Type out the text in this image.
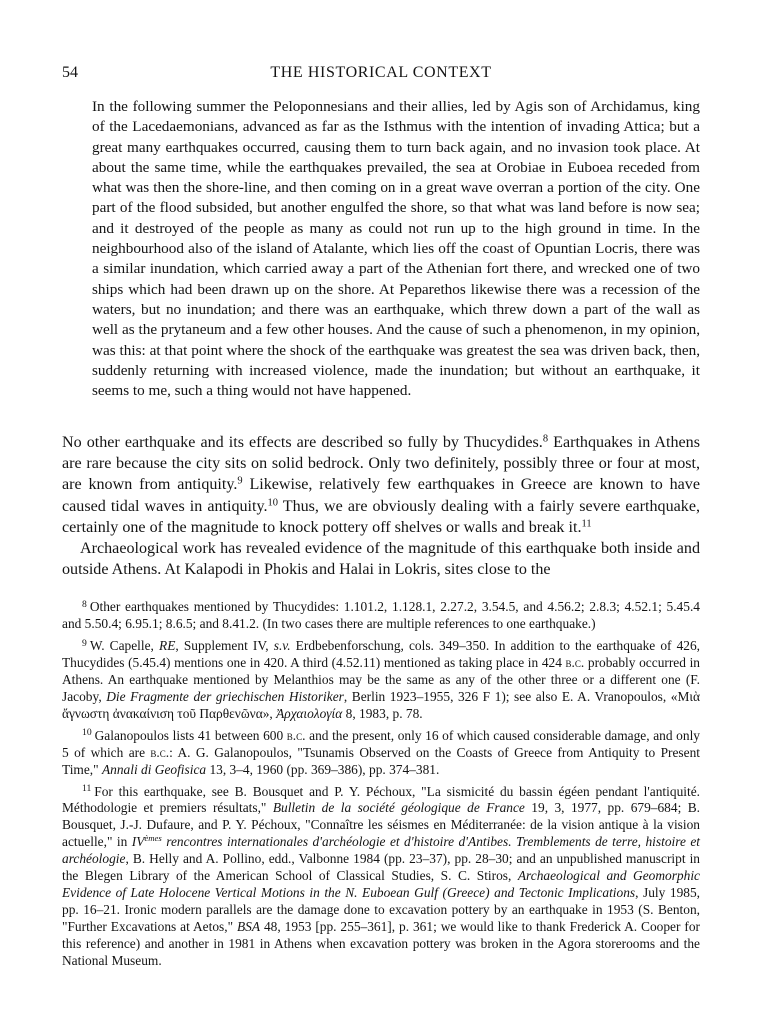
54	THE HISTORICAL CONTEXT

In the following summer the Peloponnesians and their allies, led by Agis son of Archidamus, king of the Lacedaemonians, advanced as far as the Isthmus with the intention of invading Attica; but a great many earthquakes occurred, causing them to turn back again, and no invasion took place. At about the same time, while the earthquakes prevailed, the sea at Orobiae in Euboea receded from what was then the shore-line, and then coming on in a great wave overran a portion of the city. One part of the flood subsided, but another engulfed the shore, so that what was land before is now sea; and it destroyed of the people as many as could not run up to the high ground in time. In the neighbourhood also of the island of Atalante, which lies off the coast of Opuntian Locris, there was a similar inundation, which carried away a part of the Athenian fort there, and wrecked one of two ships which had been drawn up on the shore. At Peparethos likewise there was a recession of the waters, but no inundation; and there was an earthquake, which threw down a part of the wall as well as the prytaneum and a few other houses. And the cause of such a phenomenon, in my opinion, was this: at that point where the shock of the earthquake was greatest the sea was driven back, then, suddenly returning with increased violence, made the inundation; but without an earthquake, it seems to me, such a thing would not have happened.

No other earthquake and its effects are described so fully by Thucydides.$^8$ Earthquakes in Athens are rare because the city sits on solid bedrock. Only two definitely, possibly three or four at most, are known from antiquity.$^9$ Likewise, relatively few earthquakes in Greece are known to have caused tidal waves in antiquity.$^{10}$ Thus, we are obviously dealing with a fairly severe earthquake, certainly one of the magnitude to knock pottery off shelves or walls and break it.$^{11}$

Archaeological work has revealed evidence of the magnitude of this earthquake both inside and outside Athens. At Kalapodi in Phokis and Halai in Lokris, sites close to the

$^8$ Other earthquakes mentioned by Thucydides: 1.101.2, 1.128.1, 2.27.2, 3.54.5, and 4.56.2; 2.8.3; 4.52.1; 5.45.4 and 5.50.4; 6.95.1; 8.6.5; and 8.41.2. (In two cases there are multiple references to one earthquake.)

$^9$ W. Capelle, RE, Supplement IV, s.v. Erdbebenforschung, cols. 349–350. In addition to the earthquake of 426, Thucydides (5.45.4) mentions one in 420. A third (4.52.11) mentioned as taking place in 424 b.c. probably occurred in Athens. An earthquake mentioned by Melanthios may be the same as any of the other three or a different one (F. Jacoby, Die Fragmente der griechischen Historiker, Berlin 1923–1955, 326 F 1); see also E. A. Vranopoulos, «Μιὰ ἄγνωστη ἀνακαίνιση τοῦ Παρθενῶνα», Ἀρχαιολογία 8, 1983, p. 78.

$^{10}$ Galanopoulos lists 41 between 600 b.c. and the present, only 16 of which caused considerable damage, and only 5 of which are b.c.: A. G. Galanopoulos, "Tsunamis Observed on the Coasts of Greece from Antiquity to Present Time," Annali di Geofisica 13, 3–4, 1960 (pp. 369–386), pp. 374–381.

$^{11}$ For this earthquake, see B. Bousquet and P. Y. Péchoux, "La sismicité du bassin égéen pendant l'antiquité. Méthodologie et premiers résultats," Bulletin de la société géologique de France 19, 3, 1977, pp. 679–684; B. Bousquet, J.-J. Dufaure, and P. Y. Péchoux, "Connaître les séismes en Méditerranée: de la vision antique à la vision actuelle," in IVèmes rencontres internationales d'archéologie et d'histoire d'Antibes. Tremblements de terre, histoire et archéologie, B. Helly and A. Pollino, edd., Valbonne 1984 (pp. 23–37), pp. 28–30; and an unpublished manuscript in the Blegen Library of the American School of Classical Studies, S. C. Stiros, Archaeological and Geomorphic Evidence of Late Holocene Vertical Motions in the N. Euboean Gulf (Greece) and Tectonic Implications, July 1985, pp. 16–21. Ironic modern parallels are the damage done to excavation pottery by an earthquake in 1953 (S. Benton, "Further Excavations at Aetos," BSA 48, 1953 [pp. 255–361], p. 361; we would like to thank Frederick A. Cooper for this reference) and another in 1981 in Athens when excavation pottery was broken in the Agora storerooms and the National Museum.
